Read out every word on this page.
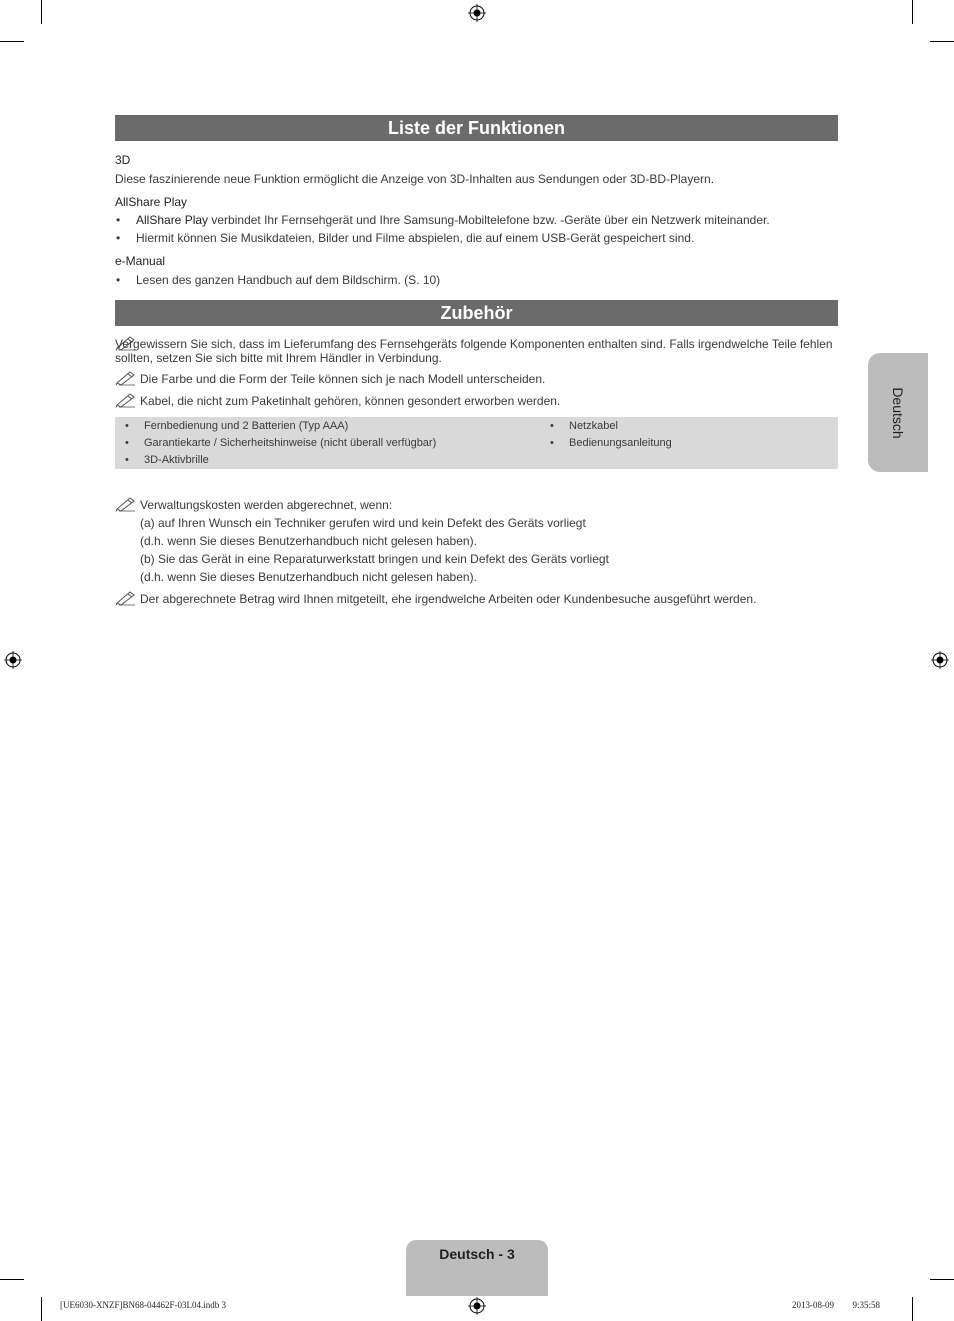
Liste der Funktionen
3D
Diese faszinierende neue Funktion ermöglicht die Anzeige von 3D-Inhalten aus Sendungen oder 3D-BD-Playern.
AllShare Play
• AllShare Play verbindet Ihr Fernsehgerät und Ihre Samsung-Mobiltelefone bzw. -Geräte über ein Netzwerk miteinander.
• Hiermit können Sie Musikdateien, Bilder und Filme abspielen, die auf einem USB-Gerät gespeichert sind.
e-Manual
• Lesen des ganzen Handbuch auf dem Bildschirm. (S. 10)
Zubehör
Vergewissern Sie sich, dass im Lieferumfang des Fernsehgeräts folgende Komponenten enthalten sind. Falls irgendwelche Teile fehlen sollten, setzen Sie sich bitte mit Ihrem Händler in Verbindung.
Die Farbe und die Form der Teile können sich je nach Modell unterscheiden.
Kabel, die nicht zum Paketinhalt gehören, können gesondert erworben werden.
• Fernbedienung und 2 Batterien (Typ AAA)
• Garantiekarte / Sicherheitshinweise (nicht überall verfügbar)
• 3D-Aktivbrille
• Netzkabel
• Bedienungsanleitung
Verwaltungskosten werden abgerechnet, wenn:
(a) auf Ihren Wunsch ein Techniker gerufen wird und kein Defekt des Geräts vorliegt
(d.h. wenn Sie dieses Benutzerhandbuch nicht gelesen haben).
(b) Sie das Gerät in eine Reparaturwerkstatt bringen und kein Defekt des Geräts vorliegt
(d.h. wenn Sie dieses Benutzerhandbuch nicht gelesen haben).
Der abgerechnete Betrag wird Ihnen mitgeteilt, ehe irgendwelche Arbeiten oder Kundenbesuche ausgeführt werden.
Deutsch
Deutsch - 3
[UE6030-XNZF]BN68-04462F-03L04.indb 3	2013-08-09 ￿￿ 9:35:58
